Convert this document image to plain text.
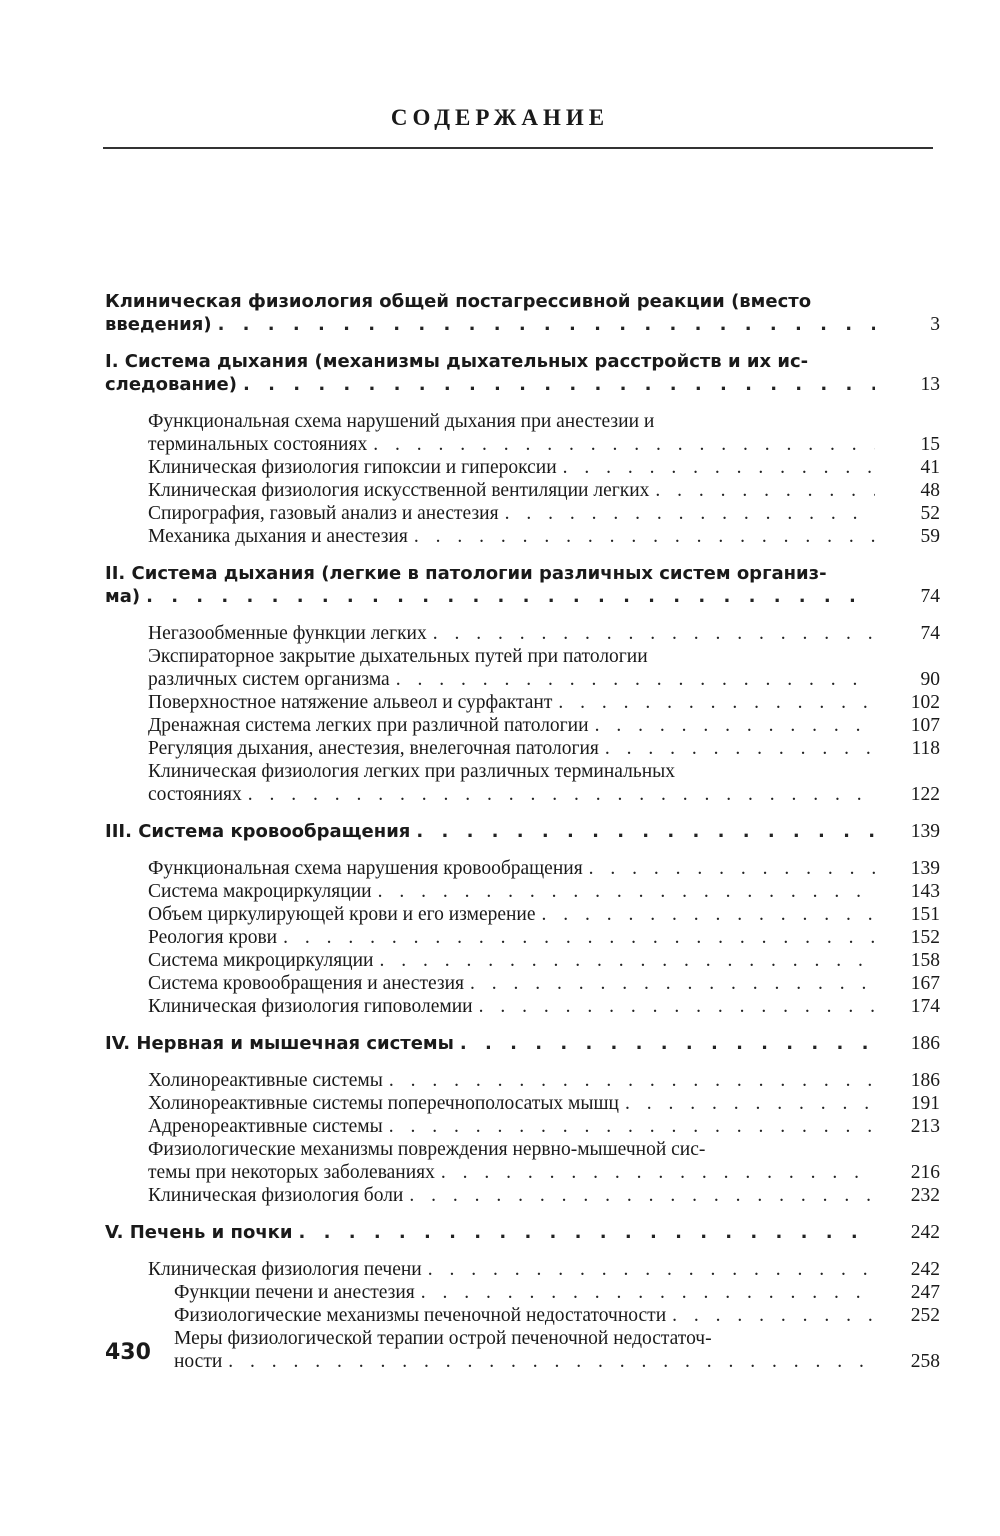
СОДЕРЖАНИЕ
Клиническая физиология общей постагрессивной реакции (вместо
введения) . . .	3
I. Система дыхания (механизмы дыхательных расстройств и их ис-
следование) . . .	13
Функциональная схема нарушений дыхания при анестезии и
терминальных состояниях . . .	15
Клиническая физиология гипоксии и гипероксии . . .	41
Клиническая физиология искусственной вентиляции легких . . .	48
Спирография, газовый анализ и анестезия . . .	52
Механика дыхания и анестезия . . .	59
II. Система дыхания (легкие в патологии различных систем организ-
ма) . . .	74
Негазообменные функции легких . . .	74
Экспираторное закрытие дыхательных путей при патологии
различных систем организма . . .	90
Поверхностное натяжение альвеол и сурфактант . . .	102
Дренажная система легких при различной патологии . . .	107
Регуляция дыхания, анестезия, внелегочная патология . . .	118
Клиническая физиология легких при различных терминальных
состояниях . . .	122
III. Система кровообращения . . .	139
Функциональная схема нарушения кровообращения . . .	139
Система макроциркуляции . . .	143
Объем циркулирующей крови и его измерение . . .	151
Реология крови . . .	152
Система микроциркуляции . . .	158
Система кровообращения и анестезия . . .	167
Клиническая физиология гиповолемии . . .	174
IV. Нервная и мышечная системы . . .	186
Холинореактивные системы . . .	186
Холинореактивные системы поперечнополосатых мышц . . .	191
Адренореактивные системы . . .	213
Физиологические механизмы повреждения нервно-мышечной сис-
темы при некоторых заболеваниях . . .	216
Клиническая физиология боли . . .	232
V. Печень и почки . . .	242
Клиническая физиология печени . . .	242
Функции печени и анестезия . . .	247
Физиологические механизмы печеночной недостаточности . . .	252
Меры физиологической терапии острой печеночной недостаточ-
ности . . .	258
430
